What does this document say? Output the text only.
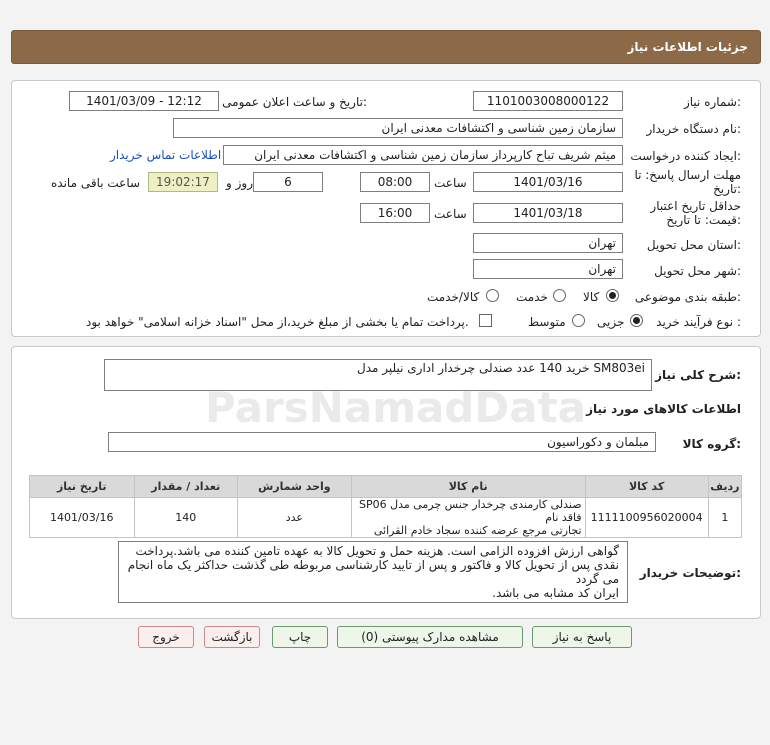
جزئیات اطلاعات نیاز
شماره نیاز:
1101003008000122
تاریخ و ساعت اعلان عمومی:
1401/03/09 - 12:12
نام دستگاه خریدار:
سازمان زمین شناسی و اکتشافات معدنی ایران
ایجاد کننده درخواست:
میثم شریف تباح کارپرداز سازمان زمین شناسی و اکتشافات معدنی ایران
اطلاعات تماس خریدار
مهلت ارسال پاسخ: تا
تاریخ:
1401/03/16
ساعت
08:00
6
روز و
19:02:17
ساعت باقی مانده
حداقل تاریخ اعتبار
قیمت: تا تاریخ:
1401/03/18
ساعت
16:00
استان محل تحویل:
تهران
شهر محل تحویل:
تهران
طبقه بندی موضوعی:
کالا
خدمت
کالا/خدمت
نوع فرآیند خرید :
جزیی
متوسط
پرداخت تمام یا بخشی از مبلغ خرید،از محل "اسناد خزانه اسلامی" خواهد بود.
شرح کلی نیاز:
خرید 140 عدد صندلی چرخدار اداری نیلپر مدل SM803ei
اطلاعات کالاهای مورد نیاز
گروه کالا:
مبلمان و دکوراسیون
ردیف	کد کالا	نام کالا	واحد شمارش	تعداد / مقدار	تاریخ نیاز
1	1111100956020004	صندلی کارمندی چرخدار جنس چرمی مدل SP06 فاقد نام
تجارتی مرجع عرضه کننده سجاد خادم القرائی	عدد	140	1401/03/16
توضیحات خریدار:
گواهی ارزش افزوده الزامی است. هزینه حمل و تحویل کالا به عهده تامین کننده می باشد.پرداخت
نقدی پس از تحویل کالا و فاکتور و پس از تایید کارشناسی مربوطه طی گذشت حداکثر یک ماه انجام
می گردد
ایران کد مشابه می باشد.
ParsNamadData
پاسخ به نیاز
مشاهده مدارک پیوستی (0)
چاپ
بازگشت
خروج
